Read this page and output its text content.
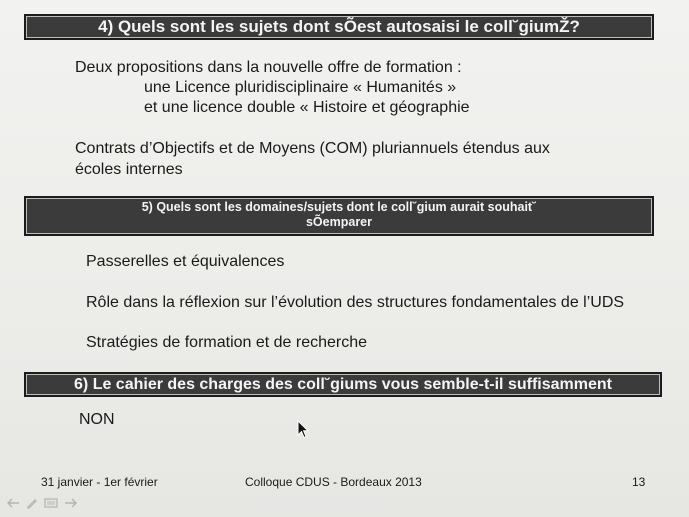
4) Quels sont les sujets dont sÕest autosaisi le coll˘giumŽ?
Deux propositions dans la nouvelle offre de formation :
une Licence pluridisciplinaire « Humanités »
et une licence double « Histoire et géographie
Contrats d’Objectifs et de Moyens (COM) pluriannuels étendus aux
écoles internes
5) Quels sont les domaines/sujets dont le coll˘gium aurait souhait˘
sÕemparer
Passerelles et équivalences
Rôle dans la réflexion sur l’évolution des structures fondamentales de l’UDS
Stratégies de formation et de recherche
6) Le cahier des charges des coll˘giums vous semble-t-il suffisamment
NON
31 janvier - 1er février	Colloque CDUS - Bordeaux 2013	13
